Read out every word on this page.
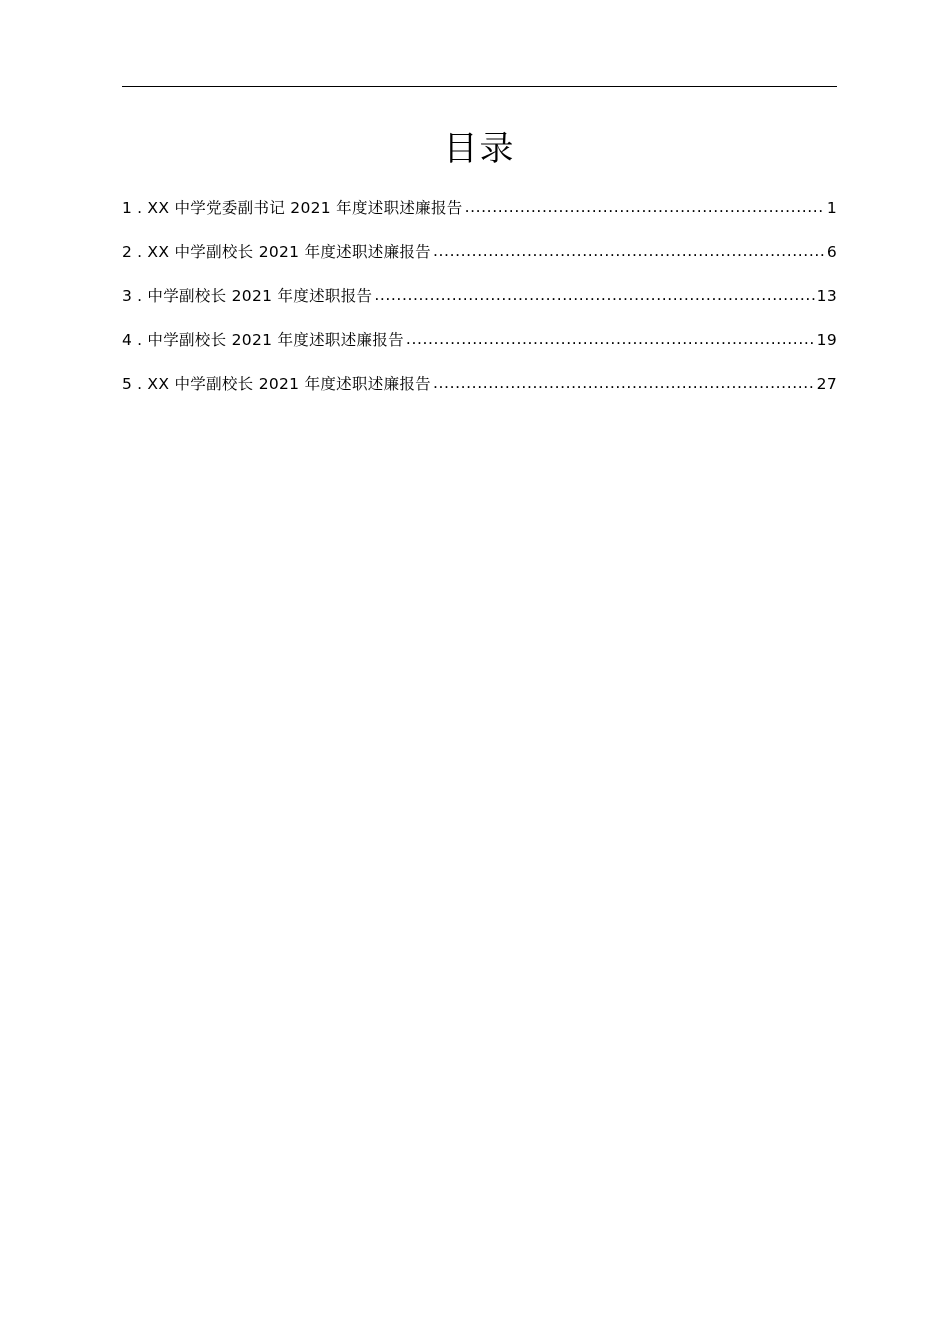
目录
1 . XX 中学党委副书记 2021 年度述职述廉报告 .....	1
2 . XX 中学副校长 2021 年度述职述廉报告 .....	6
3 . 中学副校长 2021 年度述职报告 .....	13
4 . 中学副校长 2021 年度述职述廉报告 .....	19
5 . XX 中学副校长 2021 年度述职述廉报告 .....	27
